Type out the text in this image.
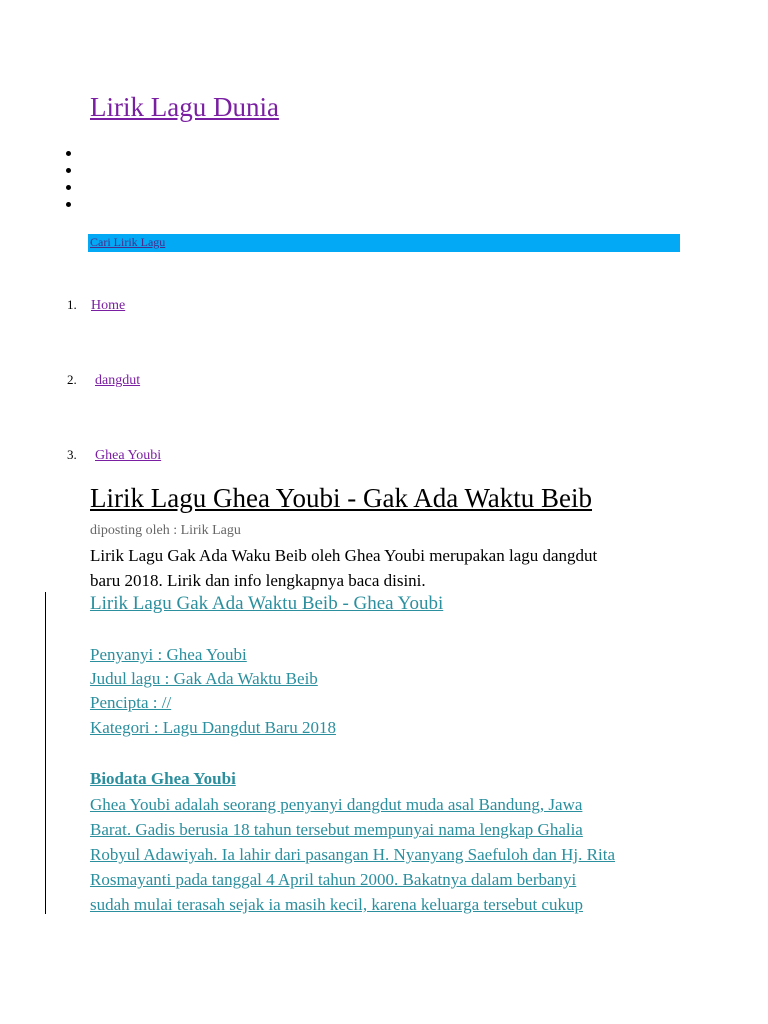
Lirik Lagu Dunia
Cari Lirik Lagu
1. Home
2. dangdut
3. Ghea Youbi
Lirik Lagu Ghea Youbi - Gak Ada Waktu Beib
diposting oleh : Lirik Lagu
Lirik Lagu Gak Ada Waku Beib oleh Ghea Youbi merupakan lagu dangdut
baru 2018. Lirik dan info lengkapnya baca disini.
Lirik Lagu Gak Ada Waktu Beib - Ghea Youbi
Penyanyi : Ghea Youbi
Judul lagu : Gak Ada Waktu Beib
Pencipta : //
Kategori : Lagu Dangdut Baru 2018
Biodata Ghea Youbi
Ghea Youbi adalah seorang penyanyi dangdut muda asal Bandung, Jawa
Barat. Gadis berusia 18 tahun tersebut mempunyai nama lengkap Ghalia
Robyul Adawiyah. Ia lahir dari pasangan H. Nyanyang Saefuloh dan Hj. Rita
Rosmayanti pada tanggal 4 April tahun 2000. Bakatnya dalam berbanyi
sudah mulai terasah sejak ia masih kecil, karena keluarga tersebut cukup
